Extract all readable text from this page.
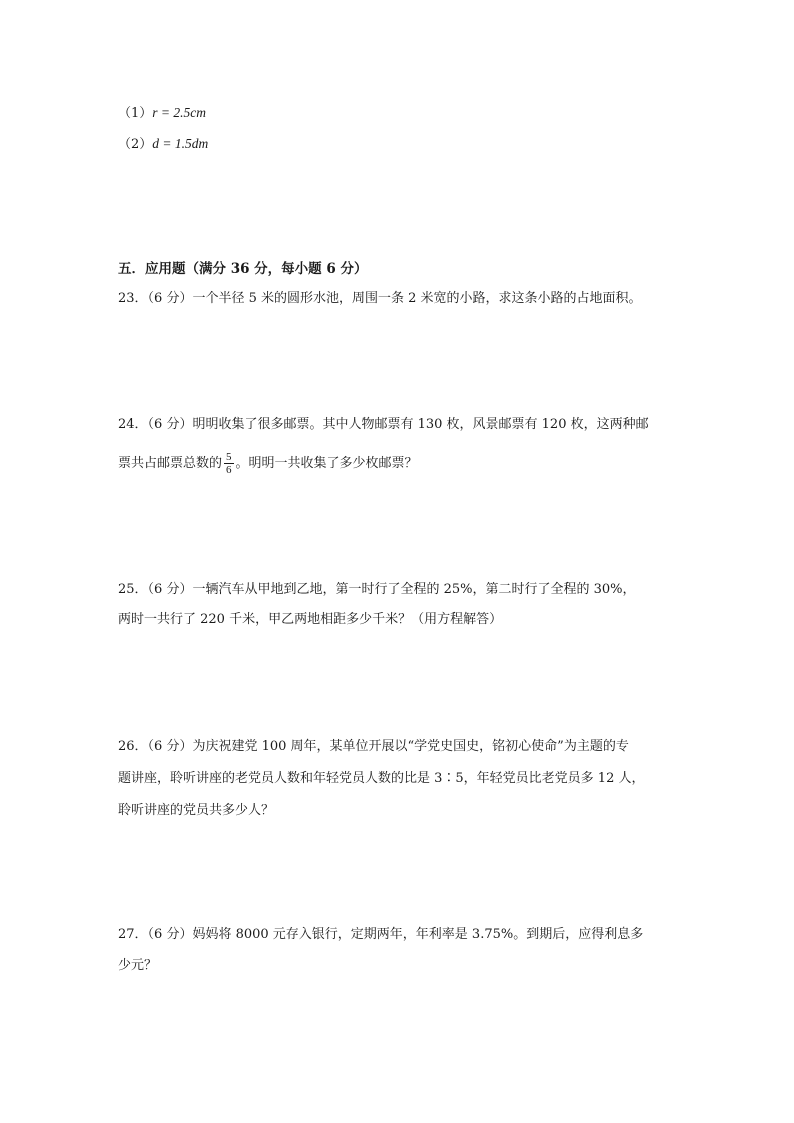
（1）r = 2.5cm
（2）d = 1.5dm
五．应用题（满分 36 分，每小题 6 分）
23．（6 分）一个半径 5 米的圆形水池，周围一条 2 米宽的小路，求这条小路的占地面积。
24．（6 分）明明收集了很多邮票。其中人物邮票有 130 枚，风景邮票有 120 枚，这两种邮
票共占邮票总数的 $\frac{5}{6}$ 。明明一共收集了多少枚邮票？
25．（6 分）一辆汽车从甲地到乙地，第一时行了全程的 25%，第二时行了全程的 30%，
两时一共行了 220 千米，甲乙两地相距多少千米？（用方程解答）
26．（6 分）为庆祝建党 100 周年，某单位开展以“学党史国史，铭初心使命”为主题的专
题讲座，聆听讲座的老党员人数和年轻党员人数的比是 3∶5，年轻党员比老党员多 12 人，
聆听讲座的党员共多少人？
27．（6 分）妈妈将 8000 元存入银行，定期两年，年利率是 3.75%。到期后，应得利息多
少元？
